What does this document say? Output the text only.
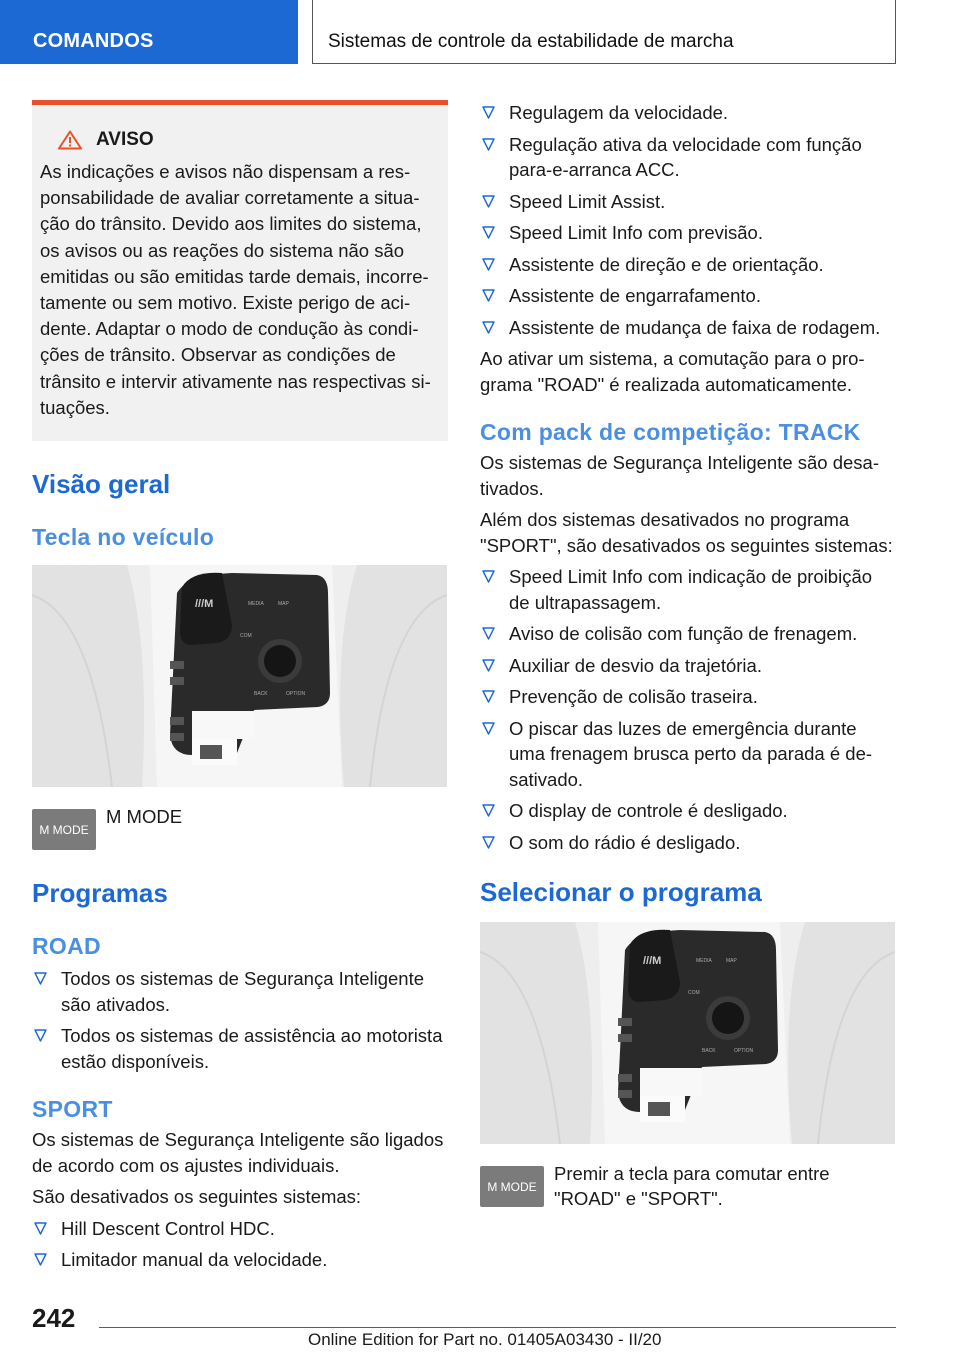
COMANDOS	Sistemas de controle da estabilidade de marcha
AVISO

As indicações e avisos não dispensam a responsabilidade de avaliar corretamente a situação do trânsito. Devido aos limites do sistema, os avisos ou as reações do sistema não são emitidas ou são emitidas tarde demais, incorretamente ou sem motivo. Existe perigo de acidente. Adaptar o modo de condução às condições de trânsito. Observar as condições de trânsito e intervir ativamente nas respectivas situações.

Visão geral
Tecla no veículo
M MODE
M MODE
Programas
ROAD
Todos os sistemas de Segurança Inteligente são ativados.
Todos os sistemas de assistência ao motorista estão disponíveis.
SPORT

Os sistemas de Segurança Inteligente são ligados de acordo com os ajustes individuais.

São desativados os seguintes sistemas:

Hill Descent Control HDC.
Limitador manual da velocidade.
Regulagem da velocidade.
Regulação ativa da velocidade com função para-e-arranca ACC.
Speed Limit Assist.
Speed Limit Info com previsão.
Assistente de direção e de orientação.
Assistente de engarrafamento.
Assistente de mudança de faixa de rodagem.

Ao ativar um sistema, a comutação para o programa "ROAD" é realizada automaticamente.

Com pack de competição: TRACK

Os sistemas de Segurança Inteligente são desativados.

Além dos sistemas desativados no programa "SPORT", são desativados os seguintes sistemas:

Speed Limit Info com indicação de proibição de ultrapassagem.
Aviso de colisão com função de frenagem.
Auxiliar de desvio da trajetória.
Prevenção de colisão traseira.
O piscar das luzes de emergência durante uma frenagem brusca perto da parada é desativado.
O display de controle é desligado.
O som do rádio é desligado.
Selecionar o programa
M MODE
Premir a tecla para comutar entre "ROAD" e "SPORT".
242
Online Edition for Part no. 01405A03430 - II/20
